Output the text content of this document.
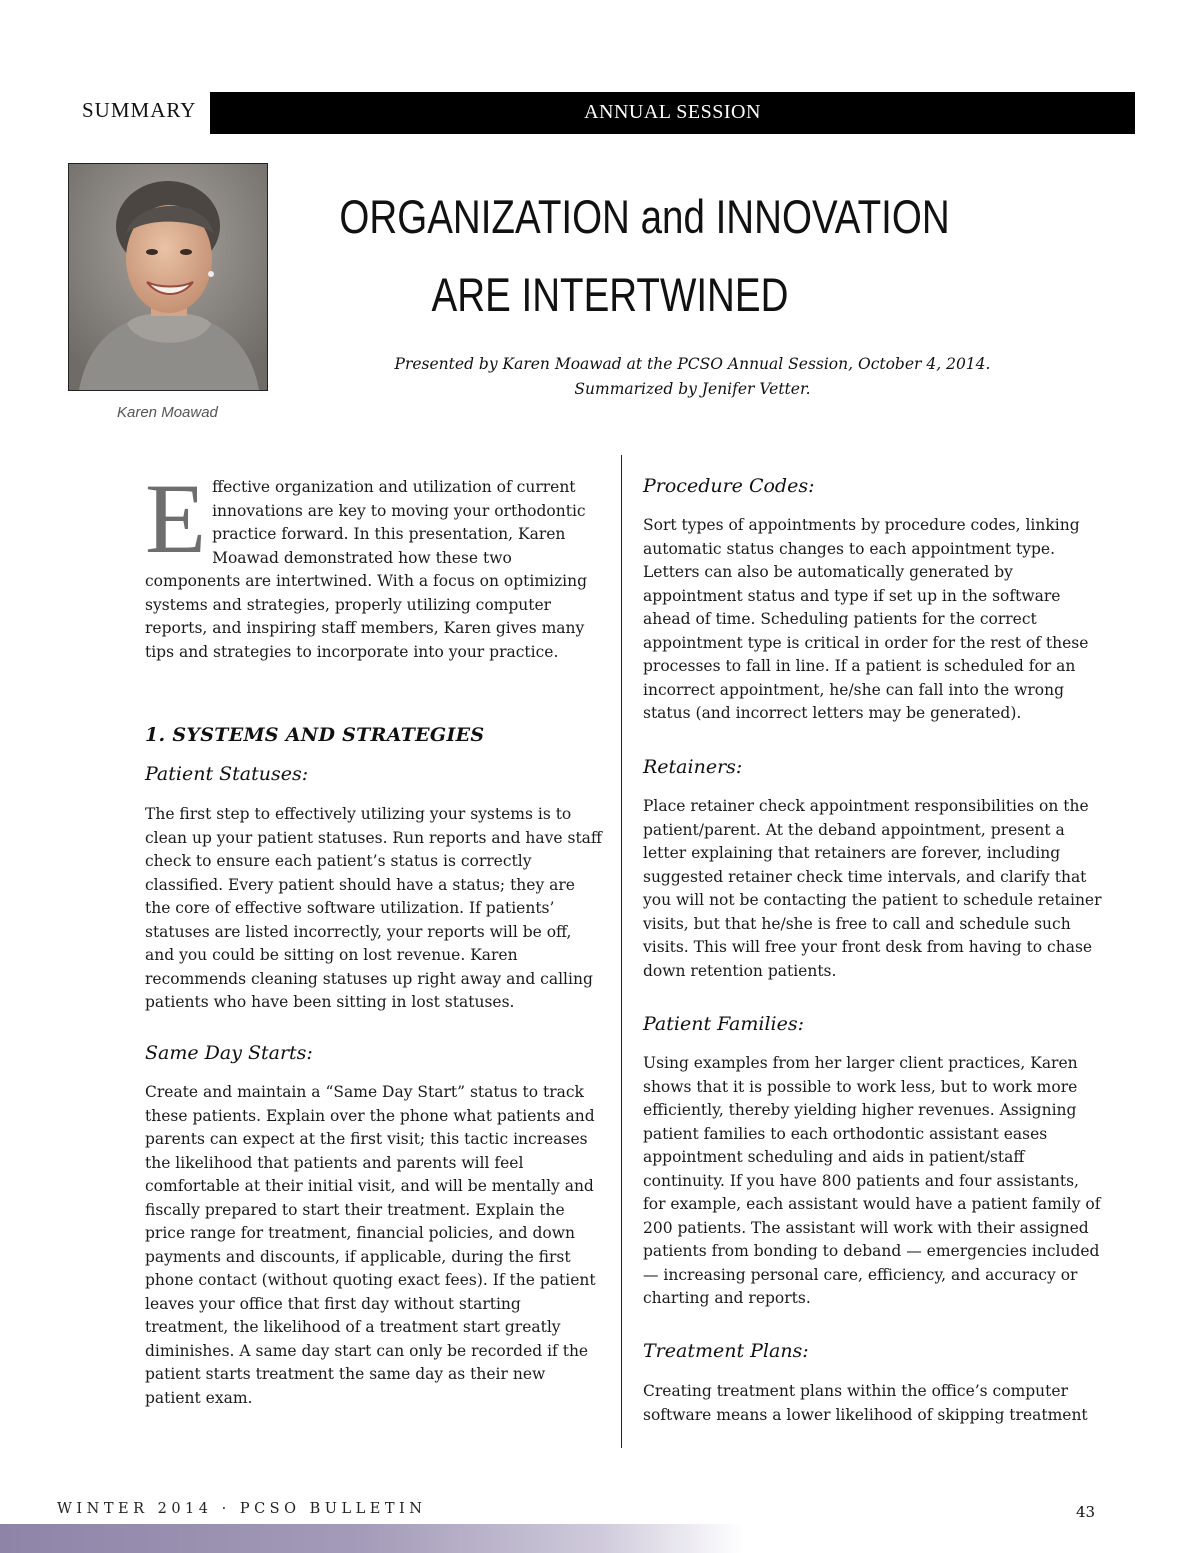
SUMMARY	ANNUAL SESSION
Karen Moawad
ORGANIZATION and INNOVATION
ARE INTERTWINED
Presented by Karen Moawad at the PCSO Annual Session, October 4, 2014.
Summarized by Jenifer Vetter.
E ffective organization and utilization of current innovations are key to moving your orthodontic practice forward. In this presentation, Karen Moawad demonstrated how these two components are intertwined. With a focus on optimizing systems and strategies, properly utilizing computer reports, and inspiring staff members, Karen gives many tips and strategies to incorporate into your practice.
1. SYSTEMS AND STRATEGIES
Patient Statuses:

The first step to effectively utilizing your systems is to clean up your patient statuses. Run reports and have staff check to ensure each patient’s status is correctly classified. Every patient should have a status; they are the core of effective software utilization. If patients’ statuses are listed incorrectly, your reports will be off, and you could be sitting on lost revenue. Karen recommends cleaning statuses up right away and calling patients who have been sitting in lost statuses.

Same Day Starts:

Create and maintain a “Same Day Start” status to track these patients. Explain over the phone what patients and parents can expect at the first visit; this tactic increases the likelihood that patients and parents will feel comfortable at their initial visit, and will be mentally and fiscally prepared to start their treatment. Explain the price range for treatment, financial policies, and down payments and discounts, if applicable, during the first phone contact (without quoting exact fees). If the patient leaves your office that first day without starting treatment, the likelihood of a treatment start greatly diminishes. A same day start can only be recorded if the patient starts treatment the same day as their new patient exam.

Procedure Codes:

Sort types of appointments by procedure codes, linking automatic status changes to each appointment type. Letters can also be automatically generated by appointment status and type if set up in the software ahead of time. Scheduling patients for the correct appointment type is critical in order for the rest of these processes to fall in line. If a patient is scheduled for an incorrect appointment, he/she can fall into the wrong status (and incorrect letters may be generated).

Retainers:

Place retainer check appointment responsibilities on the patient/parent. At the deband appointment, present a letter explaining that retainers are forever, including suggested retainer check time intervals, and clarify that you will not be contacting the patient to schedule retainer visits, but that he/she is free to call and schedule such visits. This will free your front desk from having to chase down retention patients.

Patient Families:

Using examples from her larger client practices, Karen shows that it is possible to work less, but to work more efficiently, thereby yielding higher revenues. Assigning patient families to each orthodontic assistant eases appointment scheduling and aids in patient/staff continuity. If you have 800 patients and four assistants, for example, each assistant would have a patient family of 200 patients. The assistant will work with their assigned patients from bonding to deband — emergencies included — increasing personal care, efficiency, and accuracy or charting and reports.

Treatment Plans:

Creating treatment plans within the office’s computer software means a lower likelihood of skipping treatment

WINTER 2014 · PCSO BULLETIN	43
